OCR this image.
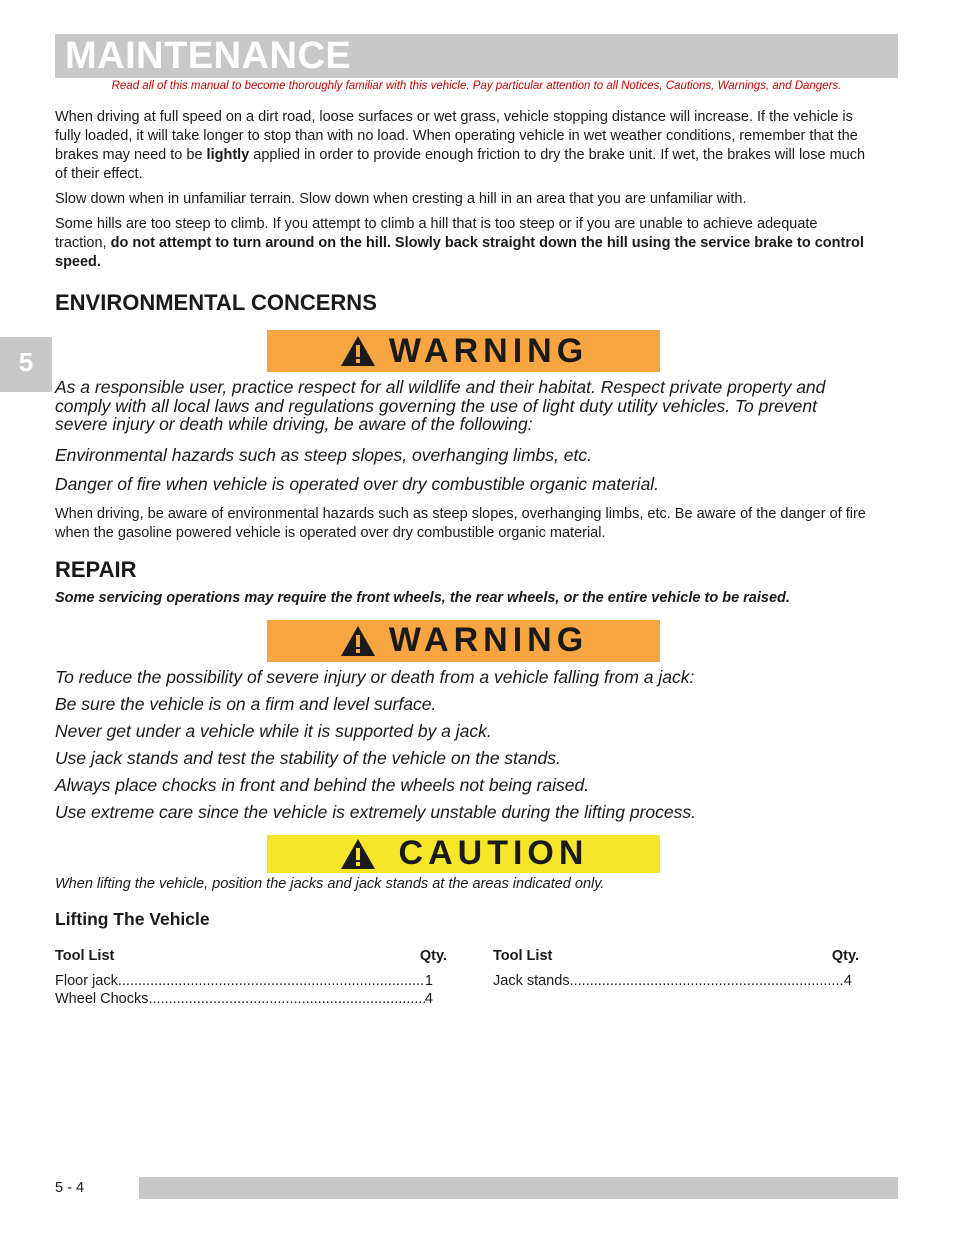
MAINTENANCE
Read all of this manual to become thoroughly familiar with this vehicle. Pay particular attention to all Notices, Cautions, Warnings, and Dangers.
5

When driving at full speed on a dirt road, loose surfaces or wet grass, vehicle stopping distance will increase. If the vehicle is fully loaded, it will take longer to stop than with no load. When operating vehicle in wet weather conditions, remember that the brakes may need to be lightly applied in order to provide enough friction to dry the brake unit. If wet, the brakes will lose much of their effect.

Slow down when in unfamiliar terrain. Slow down when cresting a hill in an area that you are unfamiliar with.

Some hills are too steep to climb. If you attempt to climb a hill that is too steep or if you are unable to achieve adequate traction, do not attempt to turn around on the hill. Slowly back straight down the hill using the service brake to control speed.

ENVIRONMENTAL CONCERNS
WARNING

As a responsible user, practice respect for all wildlife and their habitat. Respect private property and comply with all local laws and regulations governing the use of light duty utility vehicles. To prevent severe injury or death while driving, be aware of the following:

Environmental hazards such as steep slopes, overhanging limbs, etc.

Danger of fire when vehicle is operated over dry combustible organic material.

When driving, be aware of environmental hazards such as steep slopes, overhanging limbs, etc. Be aware of the danger of fire when the gasoline powered vehicle is operated over dry combustible organic material.

REPAIR

Some servicing operations may require the front wheels, the rear wheels, or the entire vehicle to be raised.

WARNING

To reduce the possibility of severe injury or death from a vehicle falling from a jack:

Be sure the vehicle is on a firm and level surface.

Never get under a vehicle while it is supported by a jack.

Use jack stands and test the stability of the vehicle on the stands.

Always place chocks in front and behind the wheels not being raised.

Use extreme care since the vehicle is extremely unstable during the lifting process.

CAUTION

When lifting the vehicle, position the jacks and jack stands at the areas indicated only.

Lifting The Vehicle
Tool List	Qty.
Floor jack .....	1
Wheel Chocks .....	4
Tool List	Qty.
Jack stands .....	4
5 - 4
